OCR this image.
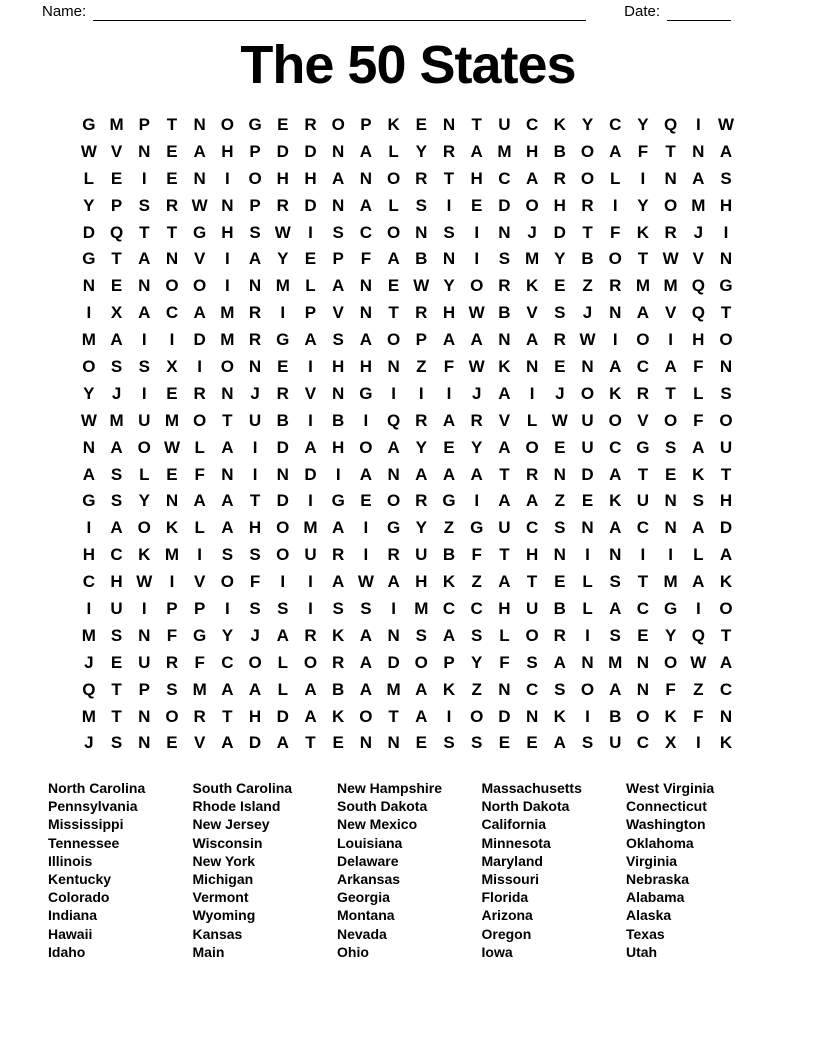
Name:	Date:
The 50 States
G M P T N O G E R O P K E N T U C K Y C Y Q	I	W
W V N E A H P D D N A L Y R A M H B O A F	T N A
L E	I	E N	I	O H H A N O R T H C A R O L	I	N A S
Y P S R W N P R D N A L S	I	E D O H R	I	Y O M H
D Q T	T G H S W	I	S C O N S	I	N J D T	F K R J	I
G T A N V	I	A Y E P F A B N	I	S M Y B O T W V N
N E N O O	I	N M L A N E W Y O R K E Z R M M Q G
I	X A C A M R	I	P V N T R H W B V S	J N A V Q T
M A	I	I	D M R G A S A O P A A N A R W	I	O	I	H O
O S S X	I	O N E	I	H H N Z	F W K N E N A C A F N
Y	J	I	E R N J R V N G	I	I	I	J A	I	J O K R T	L S
W M U M O T U B	I	B	I	Q R A R V L W U O V O F O
N A O W L A	I	D A H O A Y E Y A O E U C G S A U
A S L E F N	I	N D	I	A N A A A T R N D A T E K T
G S Y N A A T D	I	G E O R G	I	A A Z E K U N S H
I	A O K L A H O M A	I	G Y Z G U C S N A C N A D
H C K M	I	S S O U R	I	R U B F	T H N	I	N	I	I	L A
C H W	I	V O F	I	I	A W A H K Z A T E L S T M A K
I	U	I	P P	I	S S	I	S S	I	M C C H U B L A C G	I	O
M S N F G Y	J A R K A N S A S L O R	I	S E Y Q T
J	E U R F C O L O R A D O P Y F S A N M N O W A
Q T P S M A A L A B A M A K Z N C S O A N F	Z C
M T N O R T H D A K O T A	I	O D N K	I	B O K F N
J	S N E V A D A T E N N E S S E E A S U C X	I	K
North Carolina
Pennsylvania
Mississippi
Tennessee
Illinois
Kentucky
Colorado
Indiana
Hawaii
Idaho
South Carolina
Rhode Island
New Jersey
Wisconsin
New York
Michigan
Vermont
Wyoming
Kansas
Main
New Hampshire
South Dakota
New Mexico
Louisiana
Delaware
Arkansas
Georgia
Montana
Nevada
Ohio
Massachusetts
North Dakota
California
Minnesota
Maryland
Missouri
Florida
Arizona
Oregon
Iowa
West Virginia
Connecticut
Washington
Oklahoma
Virginia
Nebraska
Alabama
Alaska
Texas
Utah
